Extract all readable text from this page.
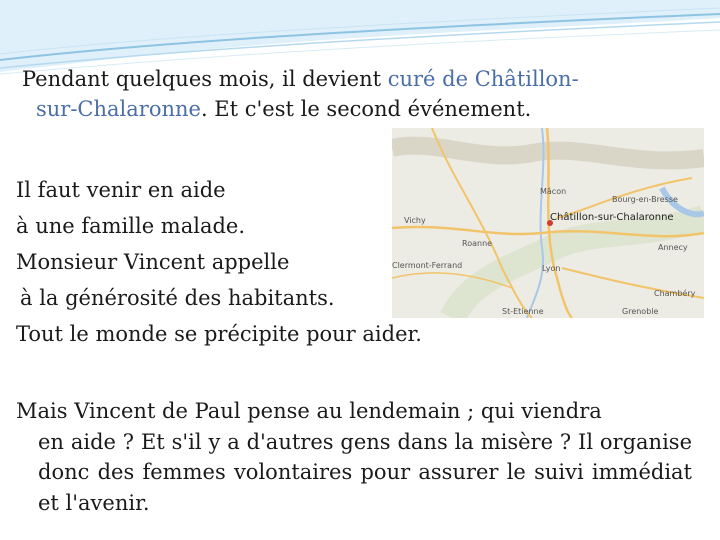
Pendant quelques mois, il devient curé de Châtillon-
sur-Chalaronne. Et c'est le second événement.

Châtillon-sur-Chalaronne
Mâcon
Vichy
Lyon
Annecy
Chambéry
St-Etienne
Clermont-Ferrand
Bourg-en-Bresse
Roanne
Grenoble
Il faut venir en aide
à une famille malade.
Monsieur Vincent appelle
à la générosité des habitants.
Tout le monde se précipite pour aider.

Mais Vincent de Paul pense au lendemain ; qui viendra
en aide ? Et s'il y a d'autres gens dans la misère ? Il organise donc des femmes volontaires pour assurer le suivi immédiat et l'avenir.
